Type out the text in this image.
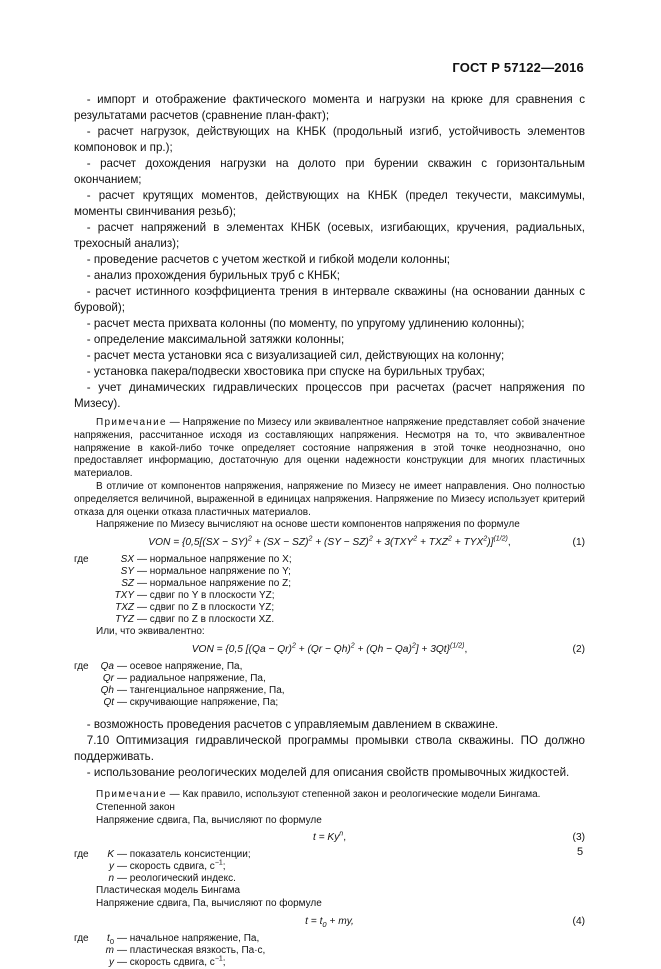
ГОСТ Р 57122—2016

- импорт и отображение фактического момента и нагрузки на крюке для сравнения с результатами расчетов (сравнение план-факт);

- расчет нагрузок, действующих на КНБК (продольный изгиб, устойчивость элементов компоновок и пр.);

- расчет дохождения нагрузки на долото при бурении скважин с горизонтальным окончанием;

- расчет крутящих моментов, действующих на КНБК (предел текучести, максимумы, моменты свинчивания резьб);

- расчет напряжений в элементах КНБК (осевых, изгибающих, кручения, радиальных, трехосный анализ);

- проведение расчетов с учетом жесткой и гибкой модели колонны;

- анализ прохождения бурильных труб с КНБК;

- расчет истинного коэффициента трения в интервале скважины (на основании данных с буровой);

- расчет места прихвата колонны (по моменту, по упругому удлинению колонны);

- определение максимальной затяжки колонны;

- расчет места установки яса с визуализацией сил, действующих на колонну;

- установка пакера/подвески хвостовика при спуске на бурильных трубах;

- учет динамических гидравлических процессов при расчетах (расчет напряжения по Мизесу).

Примечание — Напряжение по Мизесу или эквивалентное напряжение представляет собой значение напряжения, рассчитанное исходя из составляющих напряжения. Несмотря на то, что эквивалентное напряжение в какой-либо точке определяет состояние напряжения в этой точке неоднозначно, оно предоставляет информацию, достаточную для оценки надежности конструкции для многих пластичных материалов.

В отличие от компонентов напряжения, напряжение по Мизесу не имеет направления. Оно полностью определяется величиной, выраженной в единицах напряжения. Напряжение по Мизесу использует критерий отказа для оценки отказа пластичных материалов.

Напряжение по Мизесу вычисляют на основе шести компонентов напряжения по формуле

VON = {$0,5[(SX - SY)^2 + (SX - SZ)^2 + (SY - SZ)^2 + 3(TXY^2 + TXZ^2 + TYX^2)]^{(1/2)}$,	(1)
где	SX — нормальное напряжение по X;
SY — нормальное напряжение по Y;
SZ — нормальное напряжение по Z;
TXY — сдвиг по Y в плоскости YZ;
TXZ — сдвиг по Z в плоскости YZ;
TYZ — сдвиг по Z в плоскости XZ.

Или, что эквивалентно:

VON = {0,5 $[(Qa - Qr)^2 + (Qr - Qh)^2 + (Qh - Qa)^2] + 3Qt\}^{(1/2)}$,	(2)
где Qa — осевое напряжение, Па,
Qr — радиальное напряжение, Па,
Qh — тангенциальное напряжение, Па,
Qt — скручивающие напряжение, Па;

- возможность проведения расчетов с управляемым давлением в скважине.

7.10 Оптимизация гидравлической программы промывки ствола скважины. ПО должно поддерживать.

- использование реологических моделей для описания свойств промывочных жидкостей.

Примечание — Как правило, используют степенной закон и реологические модели Бингама.

Степенной закон

Напряжение сдвига, Па, вычисляют по формуле

$t = Ky^n$,	(3)
где K — показатель консистенции;
y — скорость сдвига, $с^{-1}$;
n — реологический индекс.

Пластическая модель Бингама

Напряжение сдвига, Па, вычисляют по формуле

$t = t_0$ + my,	(4)
где $t_0$ — начальное напряжение, Па,
m — пластическая вязкость, Па·с,
y — скорость сдвига, $с^{-1}$;
5
